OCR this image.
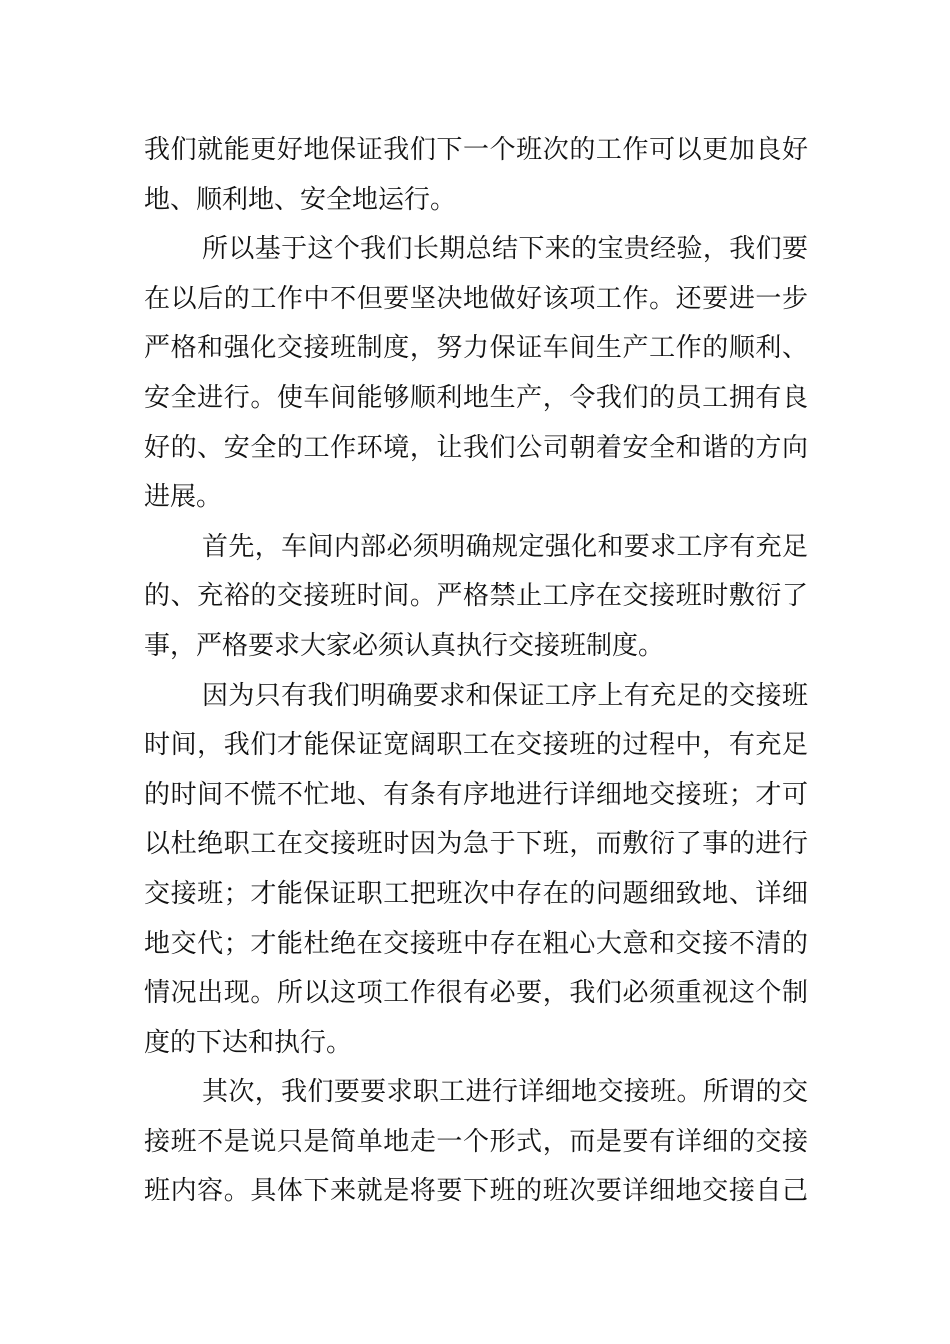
我们就能更好地保证我们下一个班次的工作可以更加良好
地、顺利地、安全地运行。
所以基于这个我们长期总结下来的宝贵经验，我们要
在以后的工作中不但要坚决地做好该项工作。还要进一步
严格和强化交接班制度，努力保证车间生产工作的顺利、
安全进行。使车间能够顺利地生产，令我们的员工拥有良
好的、安全的工作环境，让我们公司朝着安全和谐的方向
进展。
首先，车间内部必须明确规定强化和要求工序有充足
的、充裕的交接班时间。严格禁止工序在交接班时敷衍了
事，严格要求大家必须认真执行交接班制度。
因为只有我们明确要求和保证工序上有充足的交接班
时间，我们才能保证宽阔职工在交接班的过程中，有充足
的时间不慌不忙地、有条有序地进行详细地交接班；才可
以杜绝职工在交接班时因为急于下班，而敷衍了事的进行
交接班；才能保证职工把班次中存在的问题细致地、详细
地交代；才能杜绝在交接班中存在粗心大意和交接不清的
情况出现。所以这项工作很有必要，我们必须重视这个制
度的下达和执行。
其次，我们要要求职工进行详细地交接班。所谓的交
接班不是说只是简单地走一个形式，而是要有详细的交接
班内容。具体下来就是将要下班的班次要详细地交接自己
